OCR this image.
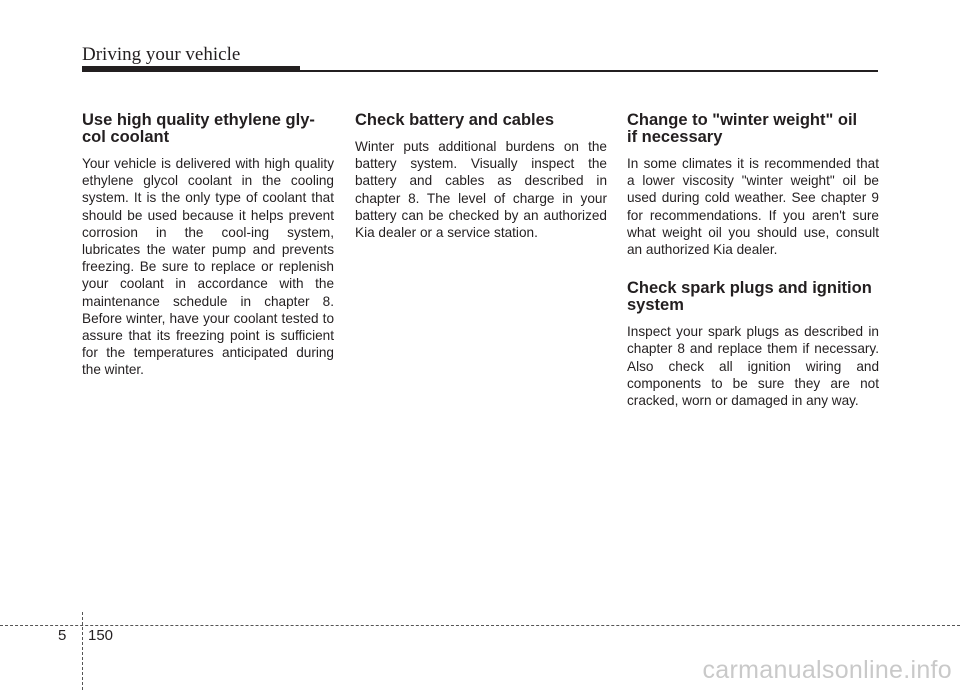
Driving your vehicle
Use high quality ethylene gly-
col coolant

Your vehicle is delivered with high quality ethylene glycol coolant in the cooling system. It is the only type of coolant that should be used because it helps prevent corrosion in the cool-ing system, lubricates the water pump and prevents freezing. Be sure to replace or replenish your coolant in accordance with the maintenance schedule in chapter 8. Before winter, have your coolant tested to assure that its freezing point is sufficient for the temperatures anticipated during the winter.

Check battery and cables

Winter puts additional burdens on the battery system. Visually inspect the battery and cables as described in chapter 8. The level of charge in your battery can be checked by an authorized Kia dealer or a service station.

Change to "winter weight" oil
if necessary

In some climates it is recommended that a lower viscosity "winter weight" oil be used during cold weather. See chapter 9 for recommendations. If you aren't sure what weight oil you should use, consult an authorized Kia dealer.

Check spark plugs and ignition
system

Inspect your spark plugs as described in chapter 8 and replace them if necessary. Also check all ignition wiring and components to be sure they are not cracked, worn or damaged in any way.

5 150
carmanualsonline.info
